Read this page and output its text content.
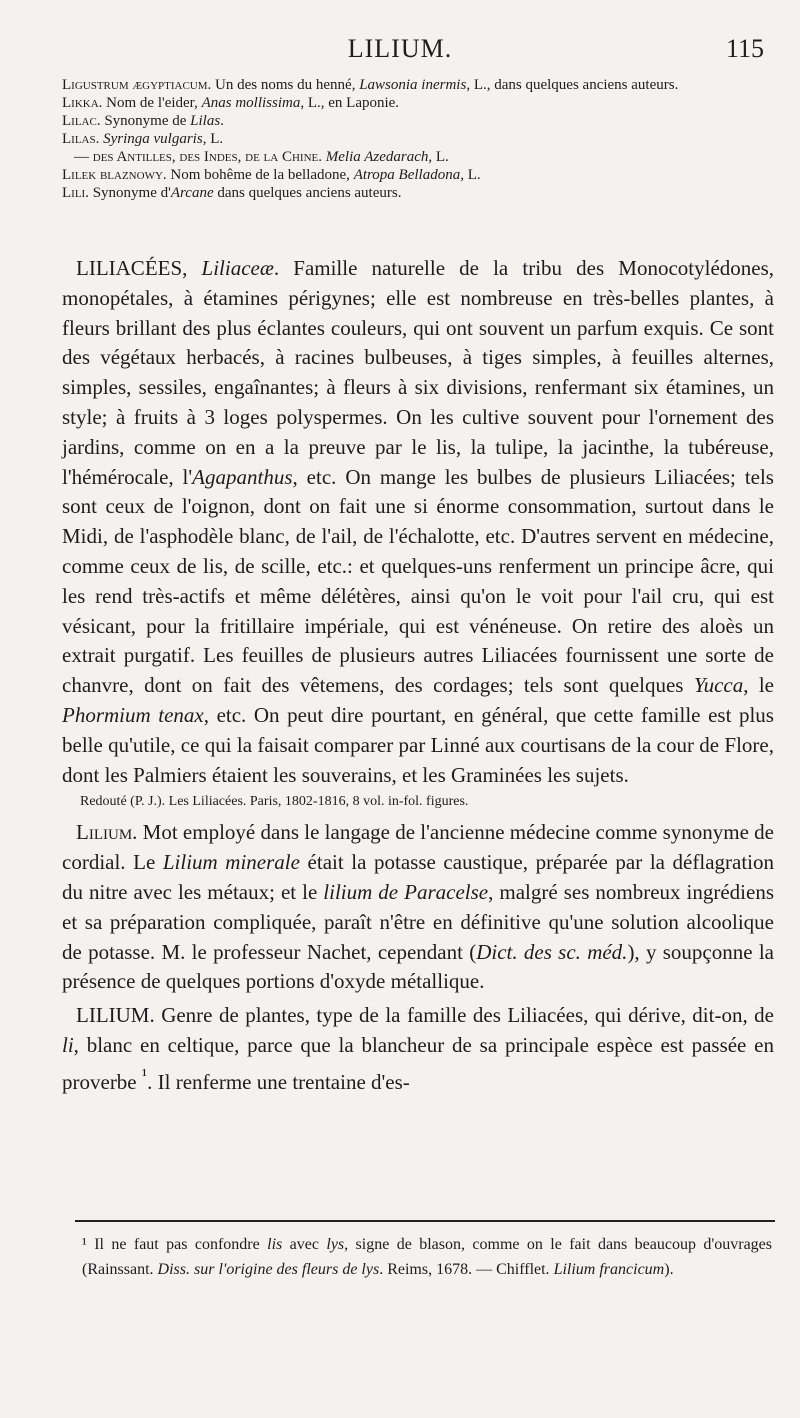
LILIUM.	115

Ligustrum ægyptiacum. Un des noms du henné, Lawsonia inermis, L., dans quelques anciens auteurs.

Likka. Nom de l'eider, Anas mollissima, L., en Laponie.

Lilac. Synonyme de Lilas.

Lilas. Syringa vulgaris, L.

— des Antilles, des Indes, de la Chine. Melia Azedarach, L.

Lilek blaznowy. Nom bohême de la belladone, Atropa Belladona, L.

Lili. Synonyme d'Arcane dans quelques anciens auteurs.

LILIACÉES, Liliaceæ. Famille naturelle de la tribu des Monocotylédones, monopétales, à étamines périgynes; elle est nombreuse en très-belles plantes, à fleurs brillant des plus éclantes couleurs, qui ont souvent un parfum exquis. Ce sont des végétaux herbacés, à racines bulbeuses, à tiges simples, à feuilles alternes, simples, sessiles, engaînantes; à fleurs à six divisions, renfermant six étamines, un style; à fruits à 3 loges polyspermes. On les cultive souvent pour l'ornement des jardins, comme on en a la preuve par le lis, la tulipe, la jacinthe, la tubéreuse, l'hémérocale, l'Agapanthus, etc. On mange les bulbes de plusieurs Liliacées; tels sont ceux de l'oignon, dont on fait une si énorme consommation, surtout dans le Midi, de l'asphodèle blanc, de l'ail, de l'échalotte, etc. D'autres servent en médecine, comme ceux de lis, de scille, etc.: et quelques-uns renferment un principe âcre, qui les rend très-actifs et même délétères, ainsi qu'on le voit pour l'ail cru, qui est vésicant, pour la fritillaire impériale, qui est vénéneuse. On retire des aloès un extrait purgatif. Les feuilles de plusieurs autres Liliacées fournissent une sorte de chanvre, dont on fait des vêtemens, des cordages; tels sont quelques Yucca, le Phormium tenax, etc. On peut dire pourtant, en général, que cette famille est plus belle qu'utile, ce qui la faisait comparer par Linné aux courtisans de la cour de Flore, dont les Palmiers étaient les souverains, et les Graminées les sujets.

Redouté (P. J.). Les Liliacées. Paris, 1802-1816, 8 vol. in-fol. figures.

Lilium. Mot employé dans le langage de l'ancienne médecine comme synonyme de cordial. Le Lilium minerale était la potasse caustique, préparée par la déflagration du nitre avec les métaux; et le lilium de Paracelse, malgré ses nombreux ingrédiens et sa préparation compliquée, paraît n'être en définitive qu'une solution alcoolique de potasse. M. le professeur Nachet, cependant (Dict. des sc. méd.), y soupçonne la présence de quelques portions d'oxyde métallique.

LILIUM. Genre de plantes, type de la famille des Liliacées, qui dérive, dit-on, de li, blanc en celtique, parce que la blancheur de sa principale espèce est passée en proverbe $^{^1}$. Il renferme une trentaine d'es-

¹ Il ne faut pas confondre lis avec lys, signe de blason, comme on le fait dans beaucoup d'ouvrages (Rainssant. Diss. sur l'origine des fleurs de lys. Reims, 1678. — Chifflet. Lilium francicum).
